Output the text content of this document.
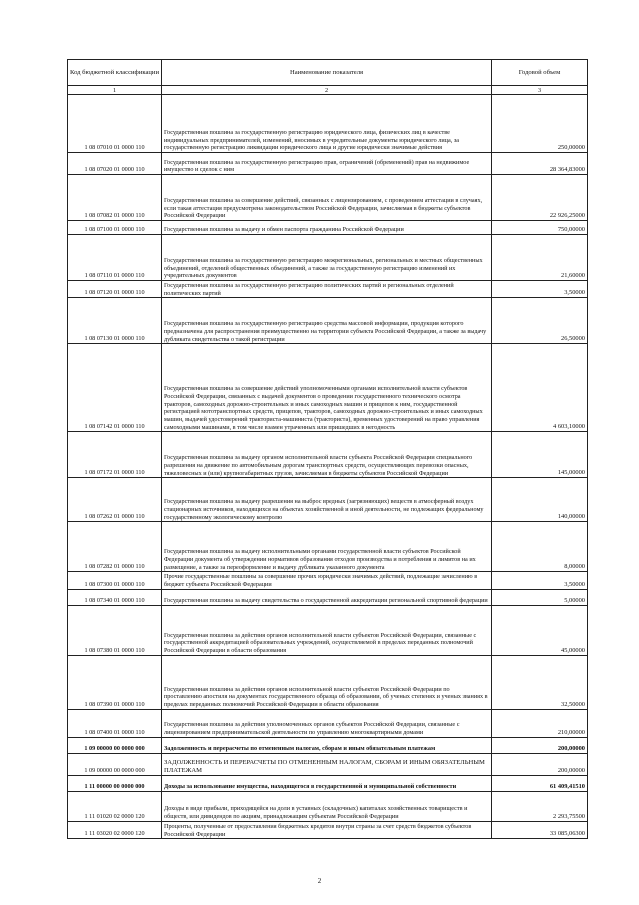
Код бюджетной классификации	Наименование показателя	Годовой объем
1	2	3
1 08 07010 01 0000 110	Государственная пошлина за государственную регистрацию юридического лица, физических лиц в качестве индивидуальных предпринимателей, изменений, вносимых в учредительные документы юридического лица, за государственную регистрацию ликвидации юридического лица и другие юридически значимые действия	250,00000
1 08 07020 01 0000 110	Государственная пошлина за государственную регистрацию прав, ограничений (обременений) прав на недвижимое имущество и сделок с ним	28 364,83000
1 08 07082 01 0000 110	Государственная пошлина за совершение действий, связанных с лицензированием, с проведением аттестации в случаях, если такая аттестация предусмотрена законодательством Российской Федерации, зачисляемая в бюджеты субъектов Российской Федерации	22 926,25000
1 08 07100 01 0000 110	Государственная пошлина за выдачу и обмен паспорта гражданина Российской Федерации	750,00000
1 08 07110 01 0000 110	Государственная пошлина за государственную регистрацию межрегиональных, региональных и местных общественных объединений, отделений общественных объединений, а также за государственную регистрацию изменений их учредительных документов	21,60000
1 08 07120 01 0000 110	Государственная пошлина за государственную регистрацию политических партий и региональных отделений политических партий	3,50000
1 08 07130 01 0000 110	Государственная пошлина за государственную регистрацию средства массовой информации, продукция которого предназначена для распространения преимущественно на территории субъекта Российской Федерации, а также за выдачу дубликата свидетельства о такой регистрации	26,50000
1 08 07142 01 0000 110	Государственная пошлина за совершение действий уполномоченными органами исполнительной власти субъектов Российской Федерации, связанных с выдачей документов о проведении государственного технического осмотра тракторов, самоходных дорожно-строительных и иных самоходных машин и прицепов к ним, государственной регистрацией мототранспортных средств, прицепов, тракторов, самоходных дорожно-строительных и иных самоходных машин, выдачей удостоверений тракториста-машиниста (тракториста), временных удостоверений на право управления самоходными машинами, в том числе взамен утраченных или пришедших в негодность	4 603,10000
1 08 07172 01 0000 110	Государственная пошлина за выдачу органом исполнительной власти субъекта Российской Федерации специального разрешения на движение по автомобильным дорогам транспортных средств, осуществляющих перевозки опасных, тяжеловесных и (или) крупногабаритных грузов, зачисляемая в бюджеты субъектов Российской Федерации	145,00000
1 08 07262 01 0000 110	Государственная пошлина за выдачу разрешения на выброс вредных (загрязняющих) веществ в атмосферный воздух стационарных источников, находящихся на объектах хозяйственной и иной деятельности, не подлежащих федеральному государственному экологическому контролю	140,00000
1 08 07282 01 0000 110	Государственная пошлина за выдачу исполнительными органами государственной власти субъектов Российской Федерации документа об утверждении нормативов образования отходов производства и потребления и лимитов на их размещение, а также за переоформление и выдачу дубликата указанного документа	8,00000
1 08 07300 01 0000 110	Прочие государственные пошлины за совершение прочих юридически значимых действий, подлежащие зачислению в бюджет субъекта Российской Федерации	3,50000
1 08 07340 01 0000 110	Государственная пошлина за выдачу свидетельства о государственной аккредитации региональной спортивной федерации	5,00000
1 08 07380 01 0000 110	Государственная пошлина за действия органов исполнительной власти субъектов Российской Федерации, связанные с государственной аккредитацией образовательных учреждений, осуществляемой в пределах переданных полномочий Российской Федерации в области образования	45,00000
1 08 07390 01 0000 110	Государственная пошлина за действия органов исполнительной власти субъектов Российской Федерации по проставлению апостиля на документах государственного образца об образовании, об ученых степенях и ученых званиях в пределах переданных полномочий Российской Федерации в области образования	32,50000
1 08 07400 01 0000 110	Государственная пошлина за действия уполномоченных органов субъектов Российской Федерации, связанные с лицензированием предпринимательской деятельности по управлению многоквартирными домами	210,00000
1 09 00000 00 0000 000	Задолженность и перерасчеты по отмененным налогам, сборам и иным обязательным платежам	200,00000
1 09 00000 00 0000 000	ЗАДОЛЖЕННОСТЬ И ПЕРЕРАСЧЕТЫ ПО ОТМЕНЕННЫМ НАЛОГАМ, СБОРАМ И ИНЫМ ОБЯЗАТЕЛЬНЫМ ПЛАТЕЖАМ	200,00000
1 11 00000 00 0000 000	Доходы за использование имущества, находящегося в государственной и муниципальной собственности	61 409,41510
1 11 01020 02 0000 120	Доходы в виде прибыли, приходящейся на доли в уставных (складочных) капиталах хозяйственных товариществ и обществ, или дивидендов по акциям, принадлежащим субъектам Российской Федерации	2 293,75500
1 11 03020 02 0000 120	Проценты, полученные от предоставления бюджетных кредитов внутри страны за счет средств бюджетов субъектов Российской Федерации	33 085,06300
2
